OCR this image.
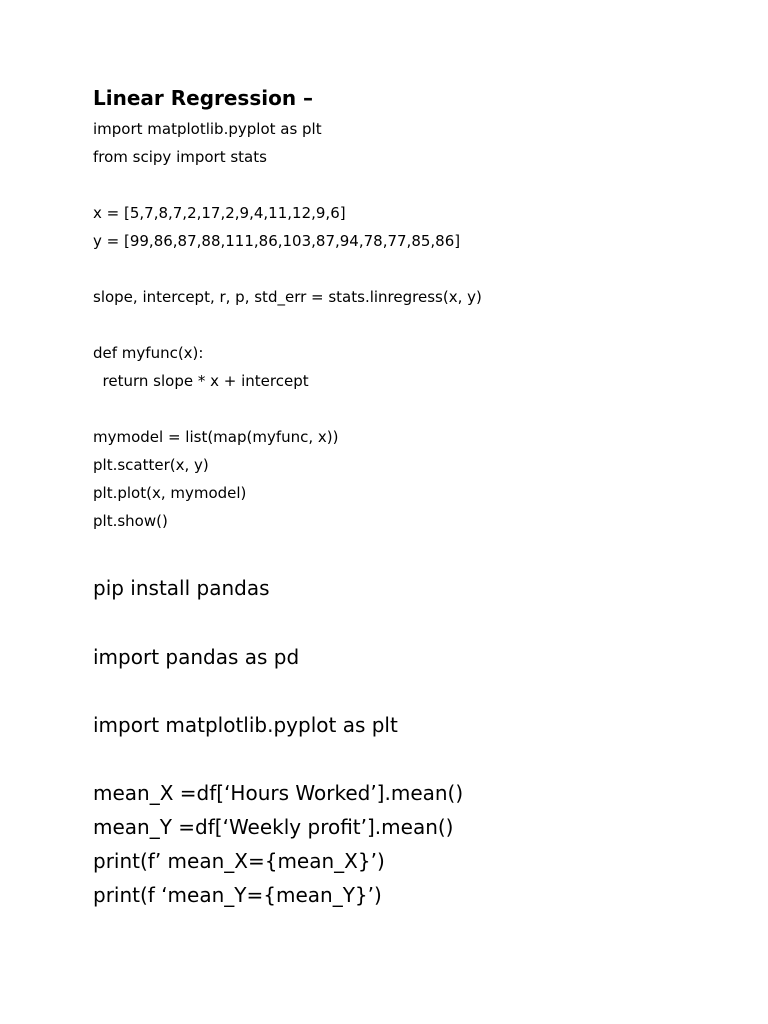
Linear Regression –
import matplotlib.pyplot as plt
from scipy import stats
x = [5,7,8,7,2,17,2,9,4,11,12,9,6]
y = [99,86,87,88,111,86,103,87,94,78,77,85,86]
slope, intercept, r, p, std_err = stats.linregress(x, y)
def myfunc(x):
return slope * x + intercept
mymodel = list(map(myfunc, x))
plt.scatter(x, y)
plt.plot(x, mymodel)
plt.show()
pip install pandas
import pandas as pd
import matplotlib.pyplot as plt
mean_X =df[‘Hours Worked’].mean()
mean_Y =df[‘Weekly profit’].mean()
print(f’ mean_X={mean_X}’)
print(f ‘mean_Y={mean_Y}’)
